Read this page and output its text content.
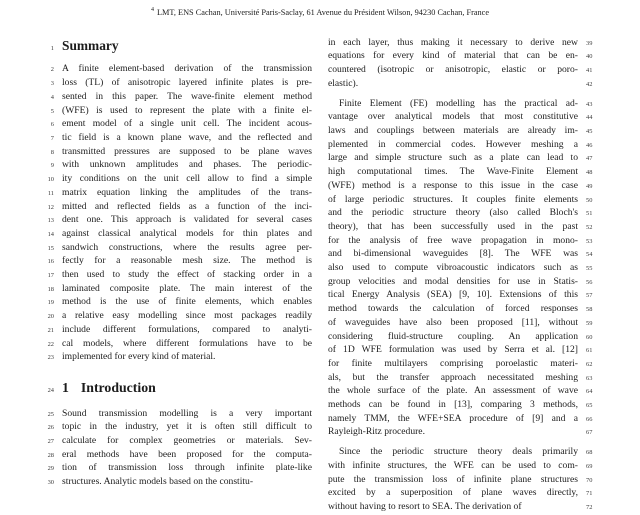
$^4$ LMT, ENS Cachan, Université Paris-Saclay, 61 Avenue du Président Wilson, 94230 Cachan, France
1 Summary
2 A finite element-based derivation of the transmission
3 loss (TL) of anisotropic layered infinite plates is pre-
4 sented in this paper. The wave-finite element method
5 (WFE) is used to represent the plate with a finite el-
6 ement model of a single unit cell. The incident acous-
7 tic field is a known plane wave, and the reflected and
8 transmitted pressures are supposed to be plane waves
9 with unknown amplitudes and phases. The periodic-
10 ity conditions on the unit cell allow to find a simple
11 matrix equation linking the amplitudes of the trans-
12 mitted and reflected fields as a function of the inci-
13 dent one. This approach is validated for several cases
14 against classical analytical models for thin plates and
15 sandwich constructions, where the results agree per-
16 fectly for a reasonable mesh size. The method is
17 then used to study the effect of stacking order in a
18 laminated composite plate. The main interest of the
19 method is the use of finite elements, which enables
20 a relative easy modelling since most packages readily
21 include different formulations, compared to analyti-
22 cal models, where different formulations have to be
23 implemented for every kind of material.
24 1 Introduction
25 Sound transmission modelling is a very important
26 topic in the industry, yet it is often still difficult to
27 calculate for complex geometries or materials. Sev-
28 eral methods have been proposed for the computa-
29 tion of transmission loss through infinite plate-like
30 structures. Analytic models based on the constitu-
in each layer, thus making it necessary to derive new 39
equations for every kind of material that can be en- 40
countered (isotropic or anisotropic, elastic or poro- 41
elastic).	42
Finite Element (FE) modelling has the practical ad- 43
vantage over analytical models that most constitutive 44
laws and couplings between materials are already im- 45
plemented in commercial codes. However meshing a 46
large and simple structure such as a plate can lead to 47
high computational times. The Wave-Finite Element 48
(WFE) method is a response to this issue in the case 49
of large periodic structures. It couples finite elements 50
and the periodic structure theory (also called Bloch's 51
theory), that has been successfully used in the past 52
for the analysis of free wave propagation in mono- 53
and bi-dimensional waveguides [8]. The WFE was 54
also used to compute vibroacoustic indicators such as 55
group velocities and modal densities for use in Statis- 56
tical Energy Analysis (SEA) [9, 10]. Extensions of this 57
method towards the calculation of forced responses 58
of waveguides have also been proposed [11], without 59
considering fluid-structure coupling. An application 60
of 1D WFE formulation was used by Serra et al. [12] 61
for finite multilayers comprising poroelastic materi- 62
als, but the transfer approach necessitated meshing 63
the whole surface of the plate. An assessment of wave 64
methods can be found in [13], comparing 3 methods, 65
namely TMM, the WFE+SEA procedure of [9] and a 66
Rayleigh-Ritz procedure.	67
Since the periodic structure theory deals primarily 68
with infinite structures, the WFE can be used to com- 69
pute the transmission loss of infinite plane structures 70
excited by a superposition of plane waves directly, 71
without having to resort to SEA. The derivation of	72
